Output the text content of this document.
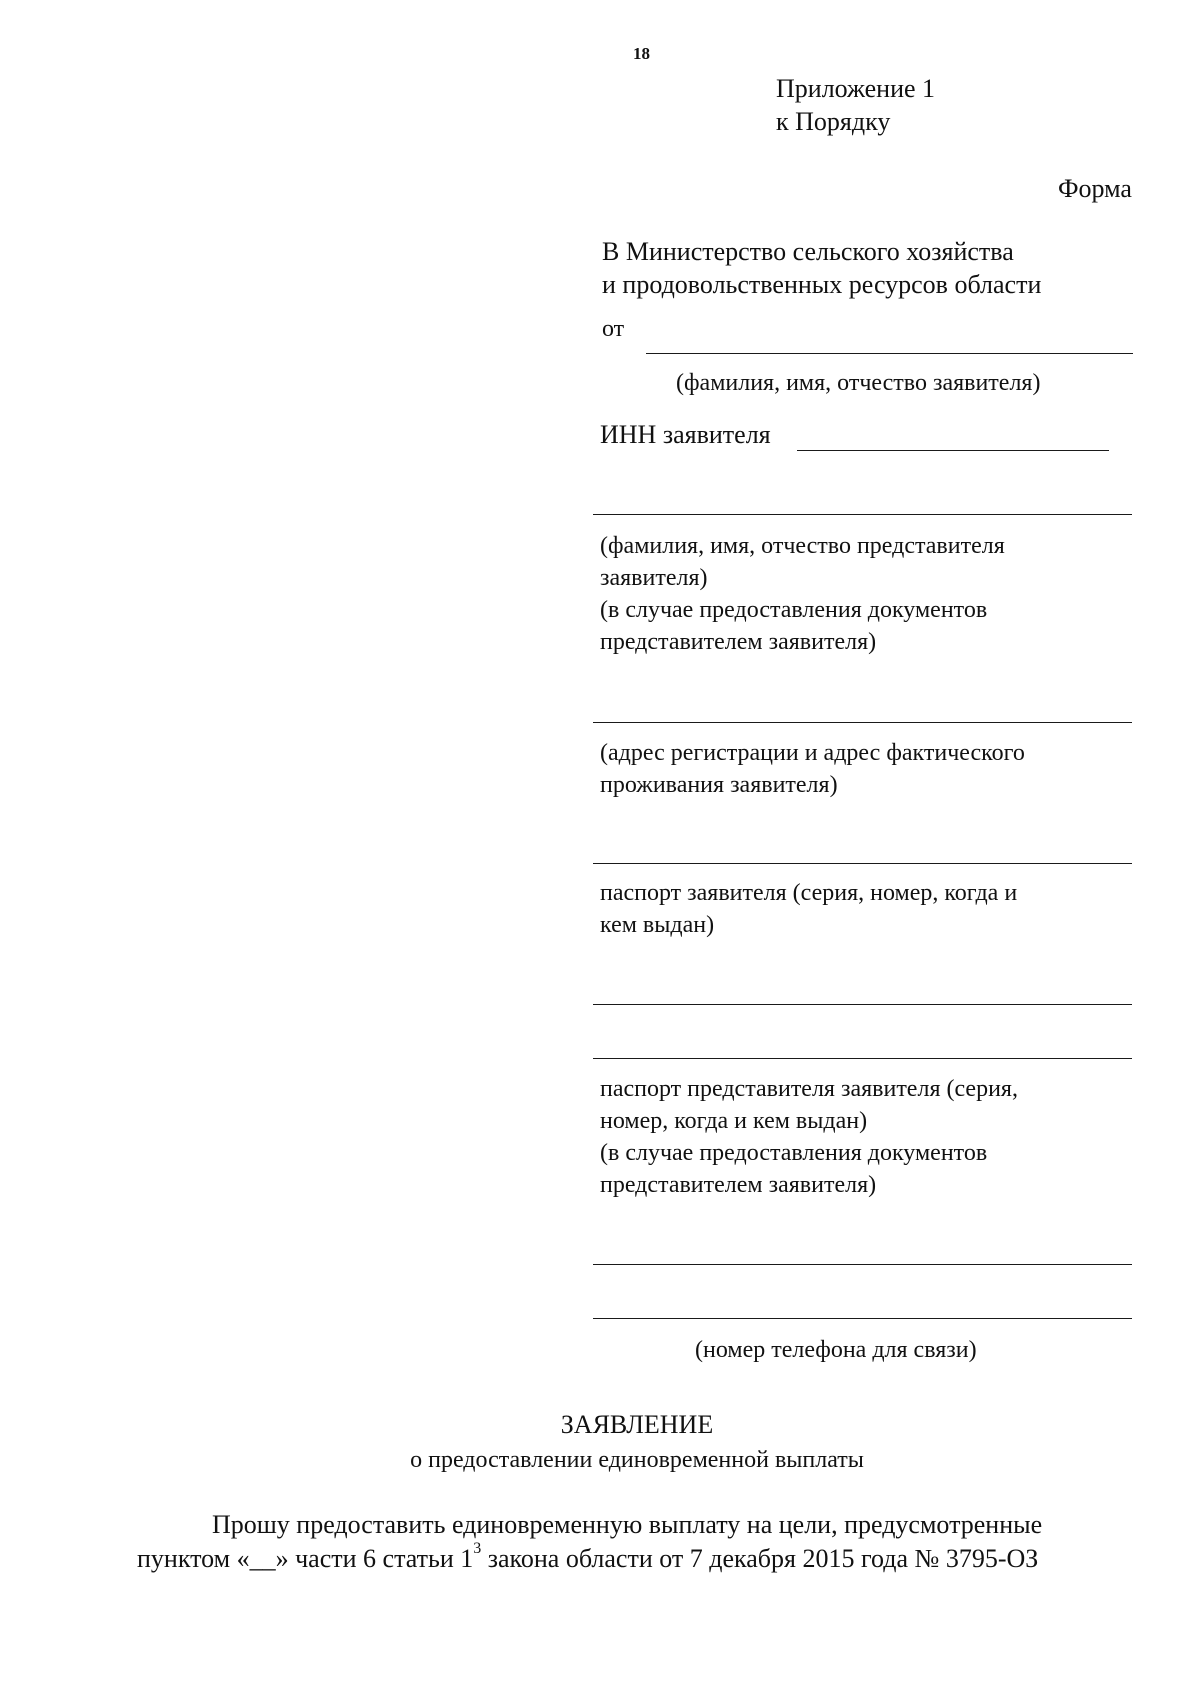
18
Приложение 1
к Порядку
Форма
В Министерство сельского хозяйства
и продовольственных ресурсов области
от
(фамилия, имя, отчество заявителя)
ИНН заявителя
(фамилия, имя, отчество представителя
заявителя)
(в случае предоставления документов
представителем заявителя)
(адрес регистрации и адрес фактического
проживания заявителя)
паспорт заявителя (серия, номер, когда и
кем выдан)
паспорт представителя заявителя (серия,
номер, когда и кем выдан)
(в случае предоставления документов
представителем заявителя)
(номер телефона для связи)
ЗАЯВЛЕНИЕ
о предоставлении единовременной выплаты
Прошу предоставить единовременную выплату на цели, предусмотренные
пунктом «__» части 6 статьи $1^3$ закона области от 7 декабря 2015 года № 3795-ОЗ
